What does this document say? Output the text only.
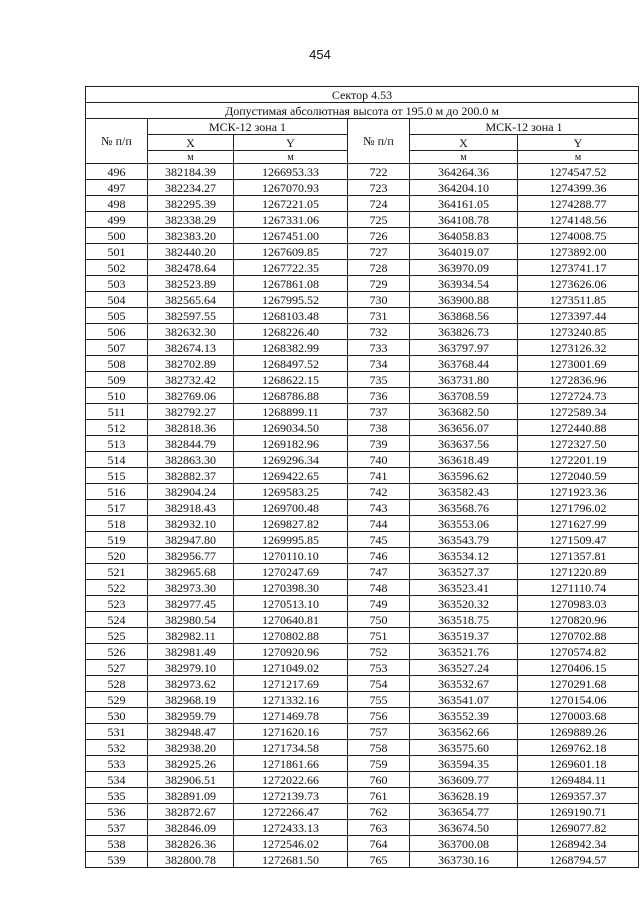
454
Сектор 4.53					
Допустимая абсолютная высота от 195.0 м до 200.0 м					
№ п/п	МСК-12 зона 1		№ п/п	МСК-12 зона 1	
	X	Y		X	Y
	м	м		м	м
496	382184.39	1266953.33	722	364264.36	1274547.52
497	382234.27	1267070.93	723	364204.10	1274399.36
498	382295.39	1267221.05	724	364161.05	1274288.77
499	382338.29	1267331.06	725	364108.78	1274148.56
500	382383.20	1267451.00	726	364058.83	1274008.75
501	382440.20	1267609.85	727	364019.07	1273892.00
502	382478.64	1267722.35	728	363970.09	1273741.17
503	382523.89	1267861.08	729	363934.54	1273626.06
504	382565.64	1267995.52	730	363900.88	1273511.85
505	382597.55	1268103.48	731	363868.56	1273397.44
506	382632.30	1268226.40	732	363826.73	1273240.85
507	382674.13	1268382.99	733	363797.97	1273126.32
508	382702.89	1268497.52	734	363768.44	1273001.69
509	382732.42	1268622.15	735	363731.80	1272836.96
510	382769.06	1268786.88	736	363708.59	1272724.73
511	382792.27	1268899.11	737	363682.50	1272589.34
512	382818.36	1269034.50	738	363656.07	1272440.88
513	382844.79	1269182.96	739	363637.56	1272327.50
514	382863.30	1269296.34	740	363618.49	1272201.19
515	382882.37	1269422.65	741	363596.62	1272040.59
516	382904.24	1269583.25	742	363582.43	1271923.36
517	382918.43	1269700.48	743	363568.76	1271796.02
518	382932.10	1269827.82	744	363553.06	1271627.99
519	382947.80	1269995.85	745	363543.79	1271509.47
520	382956.77	1270110.10	746	363534.12	1271357.81
521	382965.68	1270247.69	747	363527.37	1271220.89
522	382973.30	1270398.30	748	363523.41	1271110.74
523	382977.45	1270513.10	749	363520.32	1270983.03
524	382980.54	1270640.81	750	363518.75	1270820.96
525	382982.11	1270802.88	751	363519.37	1270702.88
526	382981.49	1270920.96	752	363521.76	1270574.82
527	382979.10	1271049.02	753	363527.24	1270406.15
528	382973.62	1271217.69	754	363532.67	1270291.68
529	382968.19	1271332.16	755	363541.07	1270154.06
530	382959.79	1271469.78	756	363552.39	1270003.68
531	382948.47	1271620.16	757	363562.66	1269889.26
532	382938.20	1271734.58	758	363575.60	1269762.18
533	382925.26	1271861.66	759	363594.35	1269601.18
534	382906.51	1272022.66	760	363609.77	1269484.11
535	382891.09	1272139.73	761	363628.19	1269357.37
536	382872.67	1272266.47	762	363654.77	1269190.71
537	382846.09	1272433.13	763	363674.50	1269077.82
538	382826.36	1272546.02	764	363700.08	1268942.34
539	382800.78	1272681.50	765	363730.16	1268794.57
